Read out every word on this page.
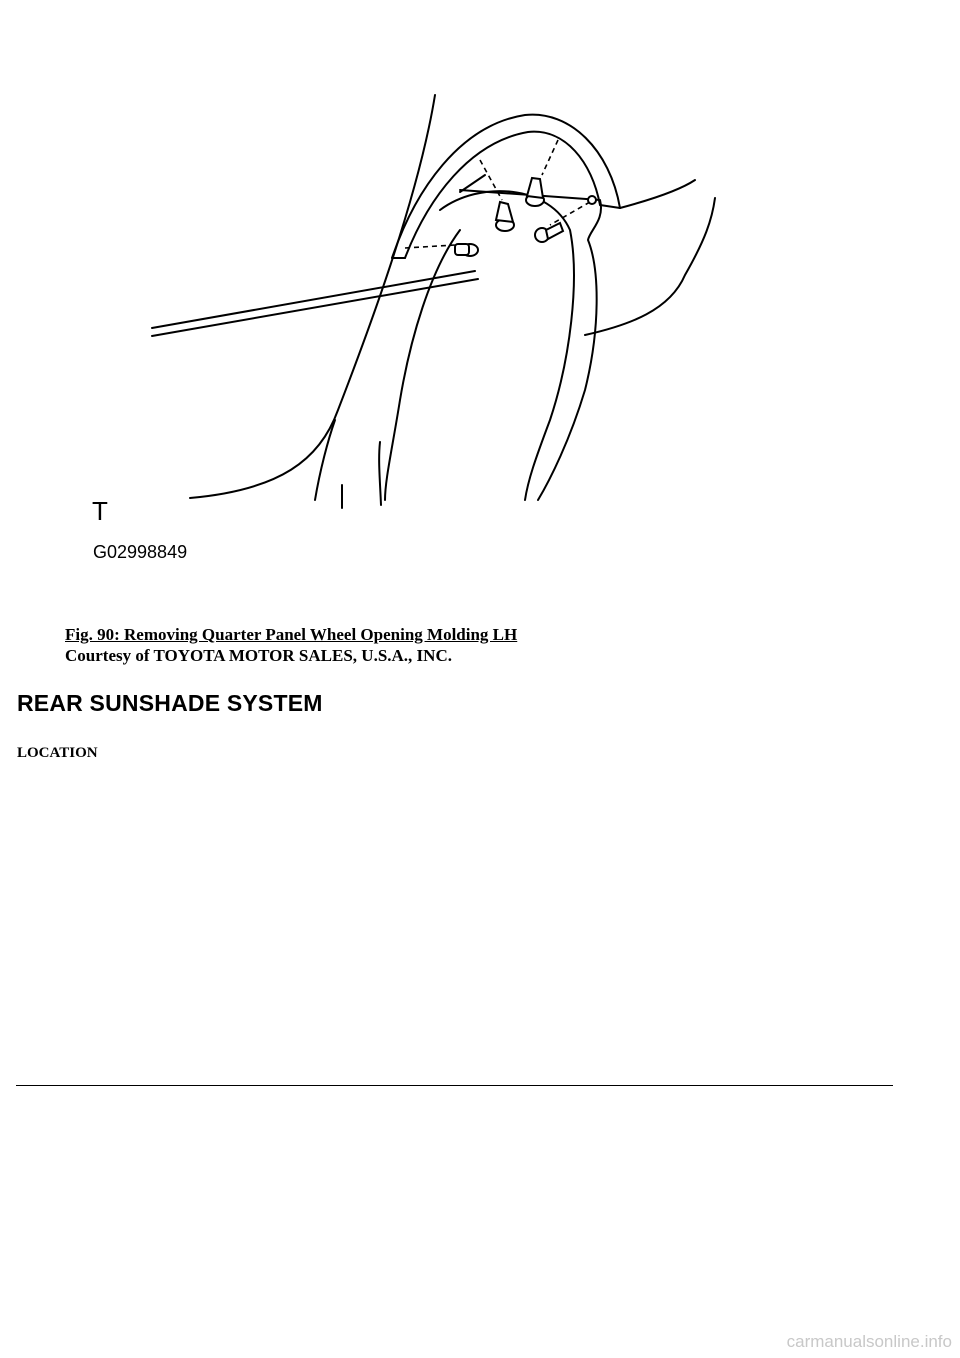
T
G02998849
Fig. 90: Removing Quarter Panel Wheel Opening Molding LH
Courtesy of TOYOTA MOTOR SALES, U.S.A., INC.
REAR SUNSHADE SYSTEM
LOCATION
carmanualsonline.info
